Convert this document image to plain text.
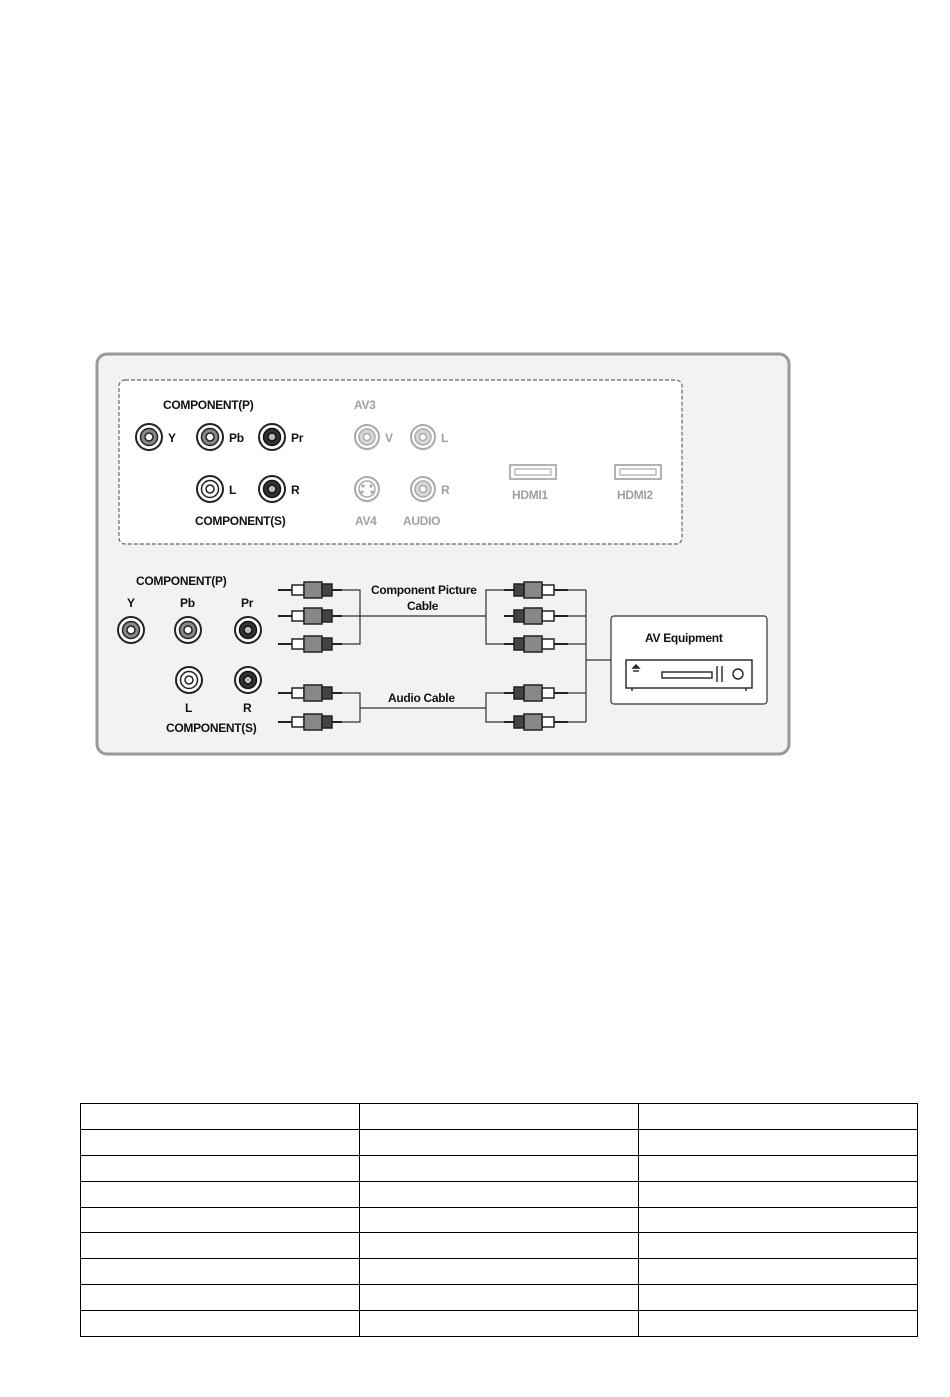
COMPONENT(P)
Y	Pb	Pr
L	R
COMPONENT(S)
AV3
V	L
R
AV4 AUDIO
HDMI1	HDMI2
COMPONENT(P)
Y	Pb	Pr
L	R
COMPONENT(S)
Component Picture
Cable
Audio Cable
AV Equipment
